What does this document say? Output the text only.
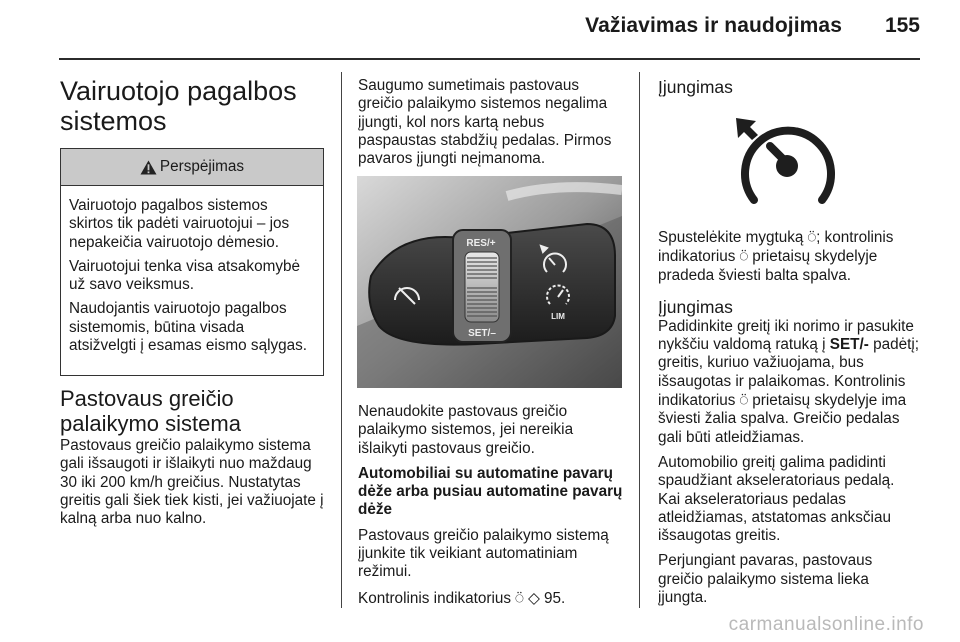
Važiavimas ir naudojimas 155
Vairuotojo pagalbos sistemos
Perspėjimas

Vairuotojo pagalbos sistemos skirtos tik padėti vairuotojui – jos nepakeičia vairuotojo dėmesio.

Vairuotojui tenka visa atsakomybė už savo veiksmus.

Naudojantis vairuotojo pagalbos sistemomis, būtina visada atsižvelgti į esamas eismo sąlygas.

Pastovaus greičio palaikymo sistema
Pastovaus greičio palaikymo sistema gali išsaugoti ir išlaikyti nuo maždaug 30 iki 200 km/h greičius. Nustatytas greitis gali šiek tiek kisti, jei važiuojate į kalną arba nuo kalno.
Saugumo sumetimais pastovaus greičio palaikymo sistemos negalima įjungti, kol nors kartą nebus paspaustas stabdžių pedalas. Pirmos pavaros įjungti neįmanoma.
RES/+
SET/–
LIM

Nenaudokite pastovaus greičio palaikymo sistemos, jei nereikia išlaikyti pastovaus greičio.

Automobiliai su automatine pavarų dėže arba pusiau automatine pavarų dėže

Pastovaus greičio palaikymo sistemą įjunkite tik veikiant automatiniam režimui.

Kontrolinis indikatorius ⍥ ◇ 95.

Įjungimas

Spustelėkite mygtuką ⍥; kontrolinis indikatorius ⍥ prietaisų skydelyje pradeda šviesti balta spalva.

Įjungimas

Padidinkite greitį iki norimo ir pasukite nykščiu valdomą ratuką į SET/- padėtį; greitis, kuriuo važiuojama, bus išsaugotas ir palaikomas. Kontrolinis indikatorius ⍥ prietaisų skydelyje ima šviesti žalia spalva. Greičio pedalas gali būti atleidžiamas.

Automobilio greitį galima padidinti spaudžiant akseleratoriaus pedalą. Kai akseleratoriaus pedalas atleidžiamas, atstatomas anksčiau išsaugotas greitis.

Perjungiant pavaras, pastovaus greičio palaikymo sistema lieka įjungta.

carmanualsonline.info
